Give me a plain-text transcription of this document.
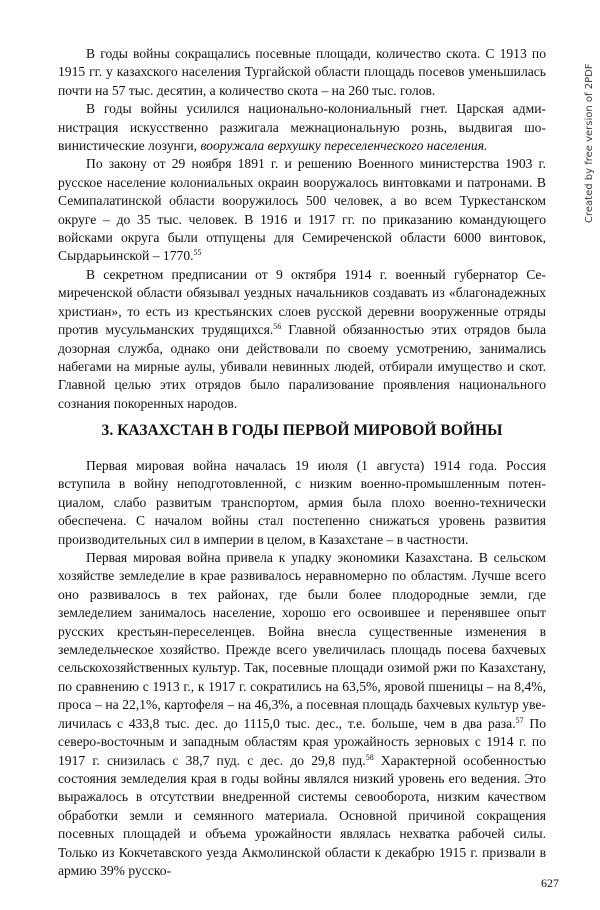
В годы войны сокращались посевные площади, количество скота. С 1913 по 1915 гг. у казахского населения Тургайской области площадь посевов уменьшилась почти на 57 тыс. десятин, а количество скота – на 260 тыс. голов.

В годы войны усилился национально-колониальный гнет. Царская администрация искусственно разжигала межнациональную рознь, выдвигая шовинистические лозунги, вооружала верхушку переселенческого населения.

По закону от 29 ноября 1891 г. и решению Военного министерства 1903 г. русское население колониальных окраин вооружалось винтовками и патронами. В Семипалатинской области вооружилось 500 человек, а во всем Туркестанском округе – до 35 тыс. человек. В 1916 и 1917 гг. по приказанию командующего войсками округа были отпущены для Семиреченской области 6000 винтовок, Сырдарьинской – 1770.55

В секретном предписании от 9 октября 1914 г. военный губернатор Семиреченской области обязывал уездных начальников создавать из «благонадежных христиан», то есть из крестьянских слоев русской деревни вооруженные отряды против мусульманских трудящихся.$^{56}$ Главной обязанностью этих отрядов была дозорная служба, однако они действовали по своему усмотрению, занимались набегами на мирные аулы, убивали невинных людей, отбирали имущество и скот. Главной целью этих отрядов было парализование проявления национального сознания покоренных народов.

3. КАЗАХСТАН В ГОДЫ ПЕРВОЙ МИРОВОЙ ВОЙНЫ

Первая мировая война началась 19 июля (1 августа) 1914 года. Россия вступила в войну неподготовленной, с низким военно-промышленным потенциалом, слабо развитым транспортом, армия была плохо военно-технически обеспечена. С началом войны стал постепенно снижаться уровень развития производительных сил в империи в целом, в Казахстане – в частности.

Первая мировая война привела к упадку экономики Казахстана. В сельском хозяйстве земледелие в крае развивалось неравномерно по областям. Лучше всего оно развивалось в тех районах, где были более плодородные земли, где земледелием занималось население, хорошо его освоившее и перенявшее опыт русских крестьян-переселенцев. Война внесла существенные изменения в земледельческое хозяйство. Прежде всего увеличилась площадь посева бахчевых сельскохозяйственных культур. Так, посевные площади озимой ржи по Казахстану, по сравнению с 1913 г., к 1917 г. сократились на 63,5%, яровой пшеницы – на 8,4%, проса – на 22,1%, картофеля – на 46,3%, а посевная площадь бахчевых культур увеличилась с 433,8 тыс. дес. до 1115,0 тыс. дес., т.е. больше, чем в два раза.$^{57}$ По северо-восточным и западным областям края урожайность зерновых с 1914 г. по 1917 г. снизилась с 38,7 пуд. с дес. до 29,8 пуд.$^{58}$ Характерной особенностью состояния земледелия края в годы войны являлся низкий уровень его ведения. Это выражалось в отсутствии внедренной системы севооборота, низким качеством обработки земли и семянного материала. Основной причиной сокращения посевных площадей и объема урожайности являлась нехватка рабочей силы. Только из Кокчетавского уезда Акмолинской области к декабрю 1915 г. призвали в армию 39% русско-

627
Created by free version of 2PDF
